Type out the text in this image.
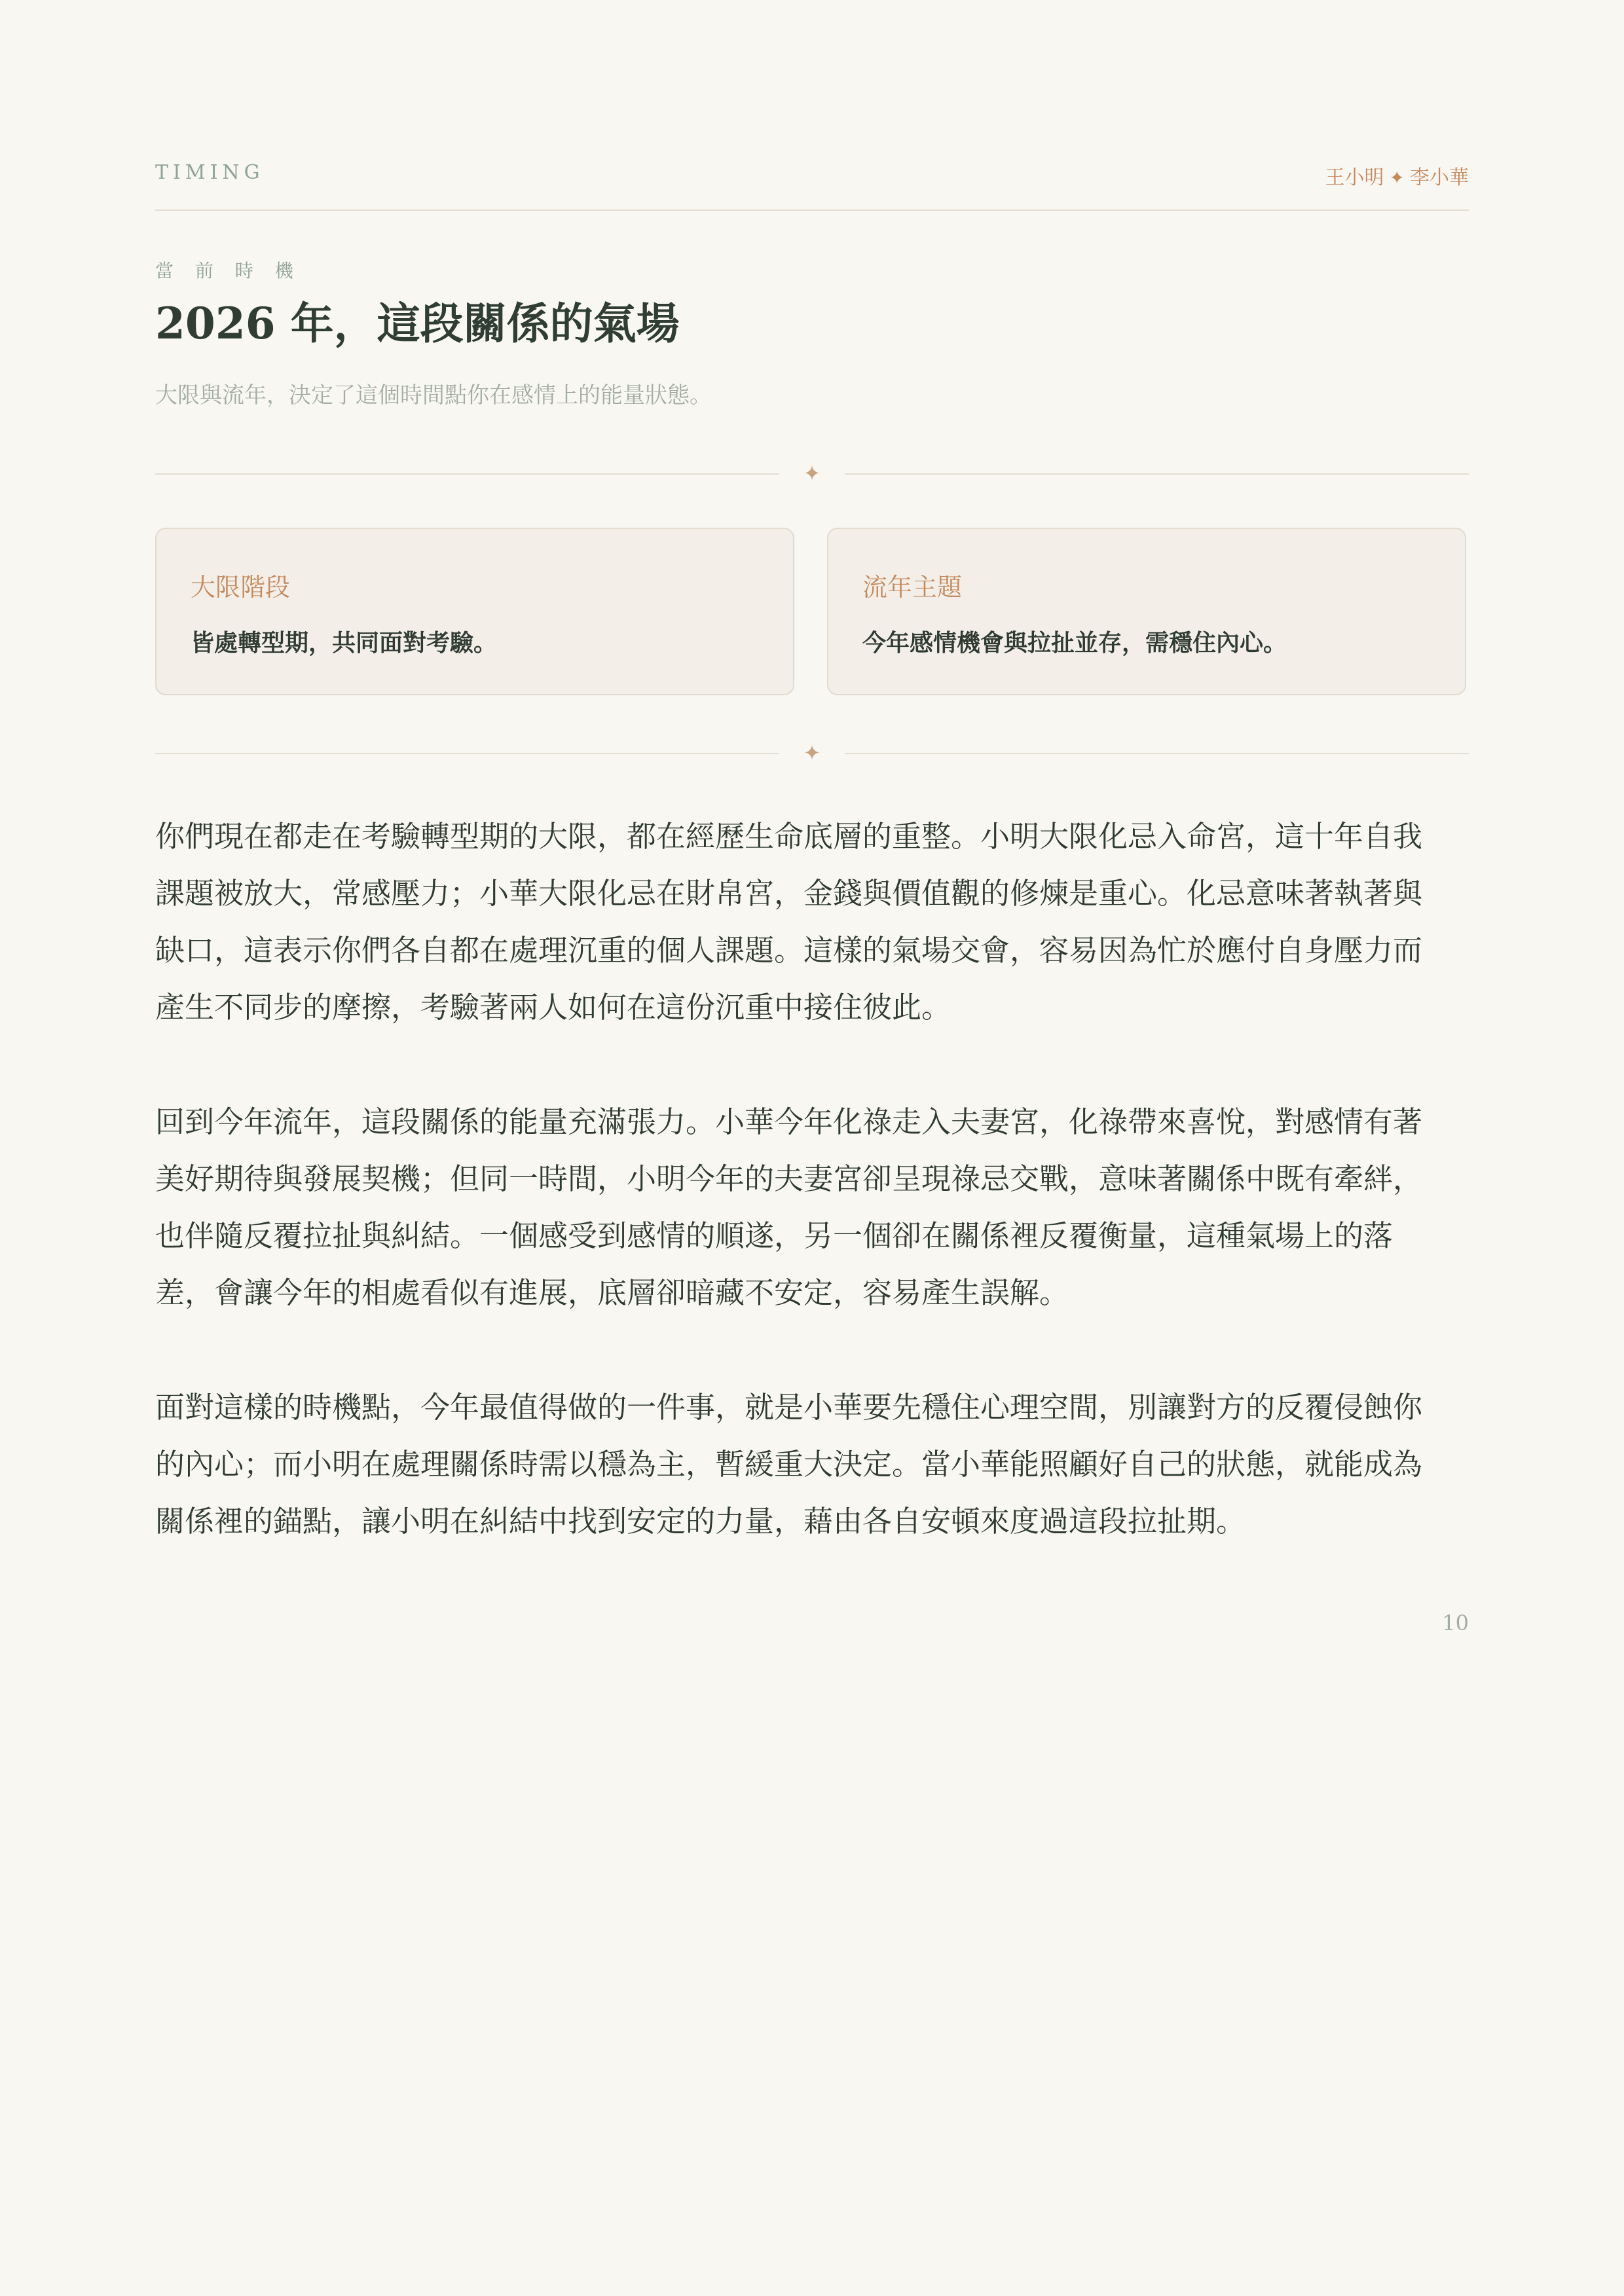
TIMING	王小明 ✦ 李小華
當 前 時 機
2026 年，這段關係的氣場
大限與流年，決定了這個時間點你在感情上的能量狀態。
✦
大限階段
皆處轉型期，共同面對考驗。
流年主題
今年感情機會與拉扯並存，需穩住內心。
✦

你們現在都走在考驗轉型期的大限，都在經歷生命底層的重整。小明大限化忌入命宮，這十年自我
課題被放大，常感壓力；小華大限化忌在財帛宮，金錢與價值觀的修煉是重心。化忌意味著執著與
缺口，這表示你們各自都在處理沉重的個人課題。這樣的氣場交會，容易因為忙於應付自身壓力而
產生不同步的摩擦，考驗著兩人如何在這份沉重中接住彼此。

回到今年流年，這段關係的能量充滿張力。小華今年化祿走入夫妻宮，化祿帶來喜悅，對感情有著
美好期待與發展契機；但同一時間，小明今年的夫妻宮卻呈現祿忌交戰，意味著關係中既有牽絆，
也伴隨反覆拉扯與糾結。一個感受到感情的順遂，另一個卻在關係裡反覆衡量，這種氣場上的落
差，會讓今年的相處看似有進展，底層卻暗藏不安定，容易產生誤解。

面對這樣的時機點，今年最值得做的一件事，就是小華要先穩住心理空間，別讓對方的反覆侵蝕你
的內心；而小明在處理關係時需以穩為主，暫緩重大決定。當小華能照顧好自己的狀態，就能成為
關係裡的錨點，讓小明在糾結中找到安定的力量，藉由各自安頓來度過這段拉扯期。

10
